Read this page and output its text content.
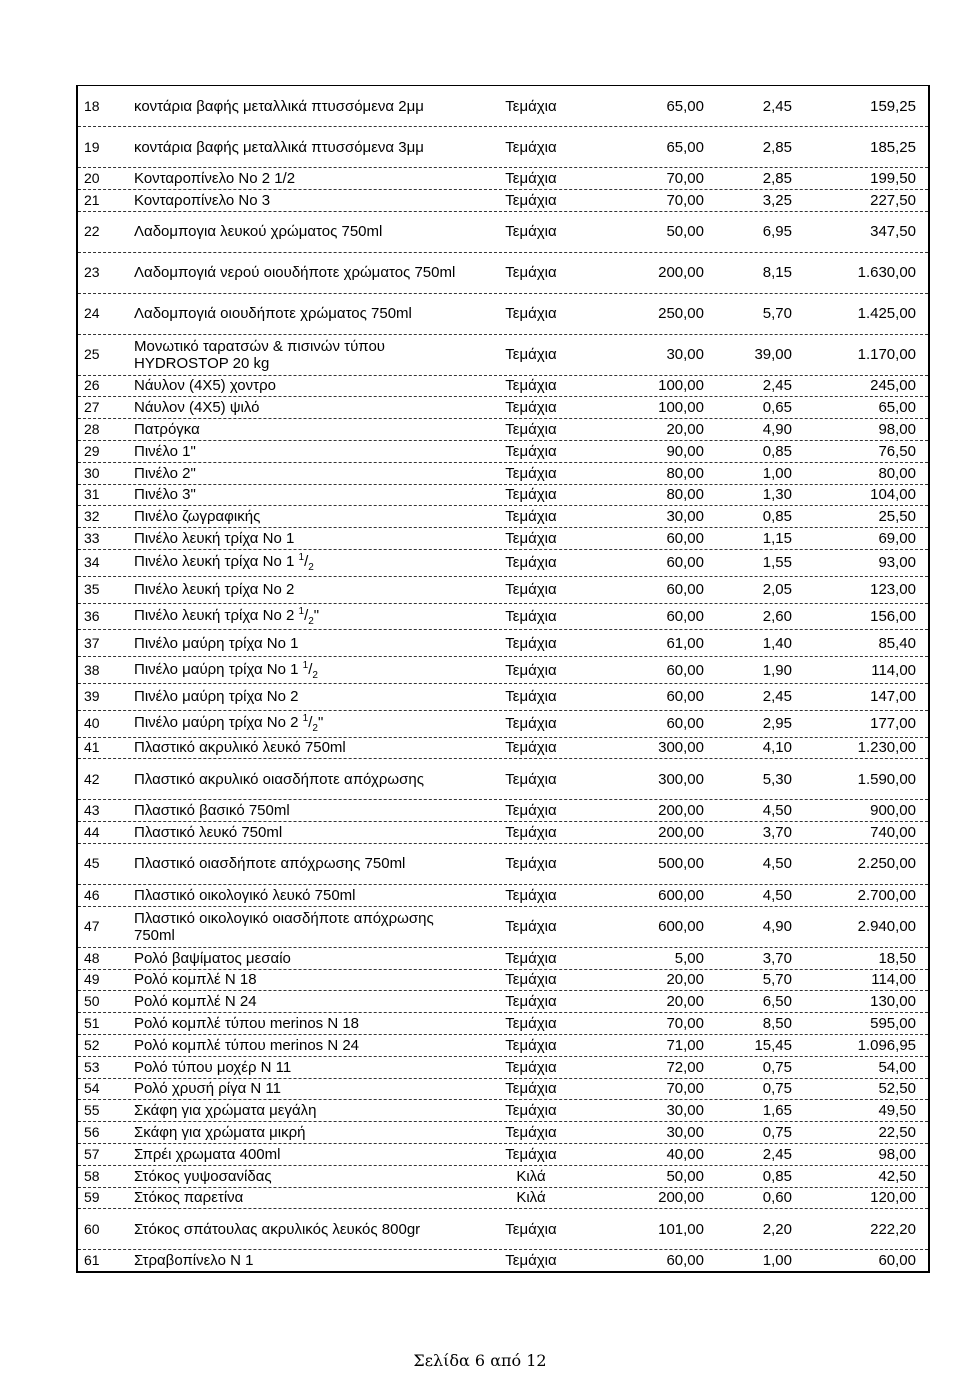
18	κοντάρια βαφής μεταλλικά πτυσσόμενα 2μμ	Τεμάχια	65,00	2,45	159,25
19	κοντάρια βαφής μεταλλικά πτυσσόμενα 3μμ	Τεμάχια	65,00	2,85	185,25
20	Κονταροπίνελο Νο 2 1/2	Τεμάχια	70,00	2,85	199,50
21	Κονταροπίνελο Νο 3	Τεμάχια	70,00	3,25	227,50
22	Λαδομπογια λευκού χρώματος 750ml	Τεμάχια	50,00	6,95	347,50
23	Λαδομπογιά νερού οιουδήποτε χρώματος 750ml	Τεμάχια	200,00	8,15	1.630,00
24	Λαδομπογιά οιουδήποτε χρώματος 750ml	Τεμάχια	250,00	5,70	1.425,00
25	Μονωτικό ταρατσών & πισινών τύπου HYDROSTOP 20 kg	Τεμάχια	30,00	39,00	1.170,00
26	Νάυλον (4Χ5) χοντρο	Τεμάχια	100,00	2,45	245,00
27	Νάυλον (4Χ5) ψιλό	Τεμάχια	100,00	0,65	65,00
28	Πατρόγκα	Τεμάχια	20,00	4,90	98,00
29	Πινέλο 1"	Τεμάχια	90,00	0,85	76,50
30	Πινέλο 2"	Τεμάχια	80,00	1,00	80,00
31	Πινέλο 3"	Τεμάχια	80,00	1,30	104,00
32	Πινέλο ζωγραφικής	Τεμάχια	30,00	0,85	25,50
33	Πινέλο λευκή τρίχα Νο 1	Τεμάχια	60,00	1,15	69,00
34	Πινέλο λευκή τρίχα Νο 1 $^1/_2$	Τεμάχια	60,00	1,55	93,00
35	Πινέλο λευκή τρίχα Νο 2	Τεμάχια	60,00	2,05	123,00
36	Πινέλο λευκή τρίχα Νο 2 $^1/_2$"	Τεμάχια	60,00	2,60	156,00
37	Πινέλο μαύρη τρίχα Νο 1	Τεμάχια	61,00	1,40	85,40
38	Πινέλο μαύρη τρίχα Νο 1 $^1/_2$	Τεμάχια	60,00	1,90	114,00
39	Πινέλο μαύρη τρίχα Νο 2	Τεμάχια	60,00	2,45	147,00
40	Πινέλο μαύρη τρίχα Νο 2 $^1/_2$"	Τεμάχια	60,00	2,95	177,00
41	Πλαστικό ακρυλικό λευκό 750ml	Τεμάχια	300,00	4,10	1.230,00
42	Πλαστικό ακρυλικό οιασδήποτε απόχρωσης	Τεμάχια	300,00	5,30	1.590,00
43	Πλαστικό βασικό 750ml	Τεμάχια	200,00	4,50	900,00
44	Πλαστικό λευκό 750ml	Τεμάχια	200,00	3,70	740,00
45	Πλαστικό οιασδήποτε απόχρωσης 750ml	Τεμάχια	500,00	4,50	2.250,00
46	Πλαστικό οικολογικό λευκό 750ml	Τεμάχια	600,00	4,50	2.700,00
47	Πλαστικό οικολογικό οιασδήποτε απόχρωσης 750ml	Τεμάχια	600,00	4,90	2.940,00
48	Ρολό βαψίματος μεσαίο	Τεμάχια	5,00	3,70	18,50
49	Ρολό κομπλέ Ν 18	Τεμάχια	20,00	5,70	114,00
50	Ρολό κομπλέ Ν 24	Τεμάχια	20,00	6,50	130,00
51	Ρολό κομπλέ τύπου merinos Ν 18	Τεμάχια	70,00	8,50	595,00
52	Ρολό κομπλέ τύπου merinos Ν 24	Τεμάχια	71,00	15,45	1.096,95
53	Ρολό τύπου μοχέρ Ν 11	Τεμάχια	72,00	0,75	54,00
54	Ρολό χρυσή ρίγα Ν 11	Τεμάχια	70,00	0,75	52,50
55	Σκάφη για χρώματα μεγάλη	Τεμάχια	30,00	1,65	49,50
56	Σκάφη για χρώματα μικρή	Τεμάχια	30,00	0,75	22,50
57	Σπρέι χρωματα 400ml	Τεμάχια	40,00	2,45	98,00
58	Στόκος γυψοσανίδας	Κιλά	50,00	0,85	42,50
59	Στόκος παρετίνα	Κιλά	200,00	0,60	120,00
60	Στόκος σπάτουλας ακρυλικός λευκός 800gr	Τεμάχια	101,00	2,20	222,20
61	Στραβοπίνελο Ν 1	Τεμάχια	60,00	1,00	60,00
Σελίδα 6 από 12
